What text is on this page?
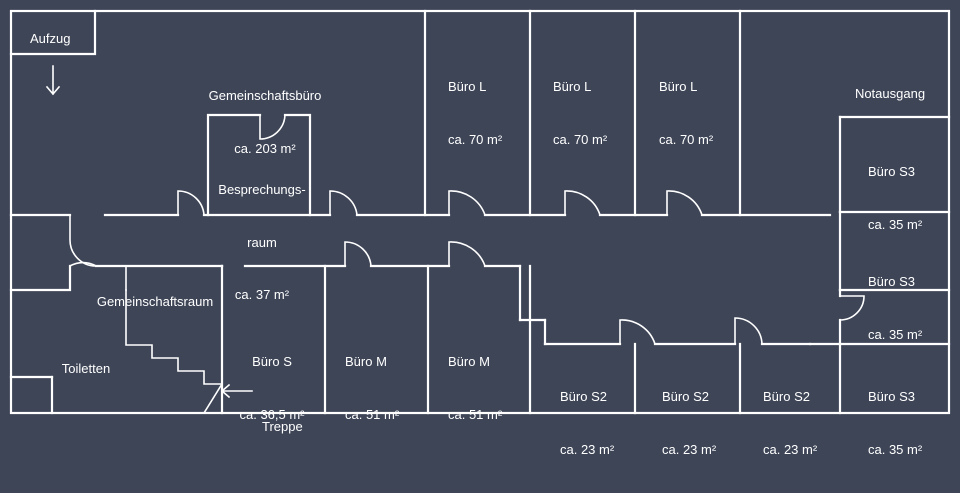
Aufzug

Gemeinschaftsbüro

ca. 203 m²

Besprechungs-

raum

ca. 37 m²

Büro L

ca. 70 m²

Büro L

ca. 70 m²

Büro L

ca. 70 m²

Notausgang

Büro S3

ca. 35 m²

Büro S3

ca. 35 m²

Gemeinschaftsraum

Toiletten

	Büro S

ca. 36,5 m²

Büro M

ca. 51 m²

Büro M

ca. 51 m²

Treppe

Büro S2

ca. 23 m²

Büro S2

ca. 23 m²

Büro S2

ca. 23 m²

Büro S3

ca. 35 m²
